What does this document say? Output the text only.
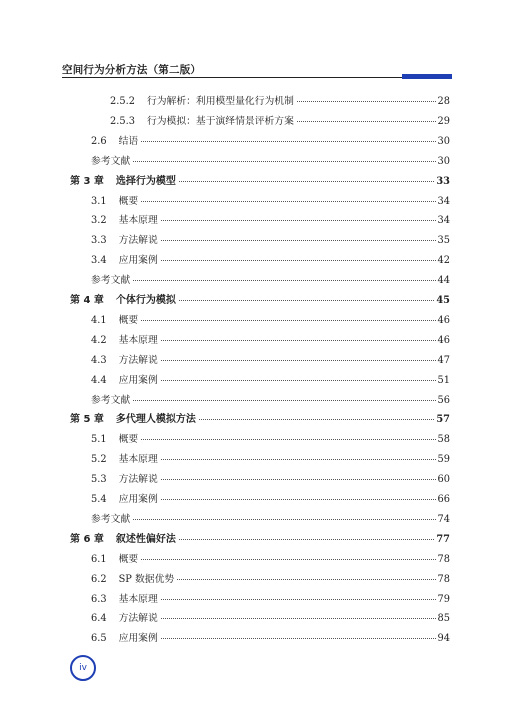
空间行为分析方法（第二版）
2.5.2 行为解析：利用模型量化行为机制	28
2.5.3 行为模拟：基于演绎情景评析方案	29
2.6 结语	30
参考文献	30
第 3 章 选择行为模型	33
3.1 概要	34
3.2 基本原理	34
3.3 方法解说	35
3.4 应用案例	42
参考文献	44
第 4 章 个体行为模拟	45
4.1 概要	46
4.2 基本原理	46
4.3 方法解说	47
4.4 应用案例	51
参考文献	56
第 5 章 多代理人模拟方法	57
5.1 概要	58
5.2 基本原理	59
5.3 方法解说	60
5.4 应用案例	66
参考文献	74
第 6 章 叙述性偏好法	77
6.1 概要	78
6.2 SP 数据优势	78
6.3 基本原理	79
6.4 方法解说	85
6.5 应用案例	94
iv
